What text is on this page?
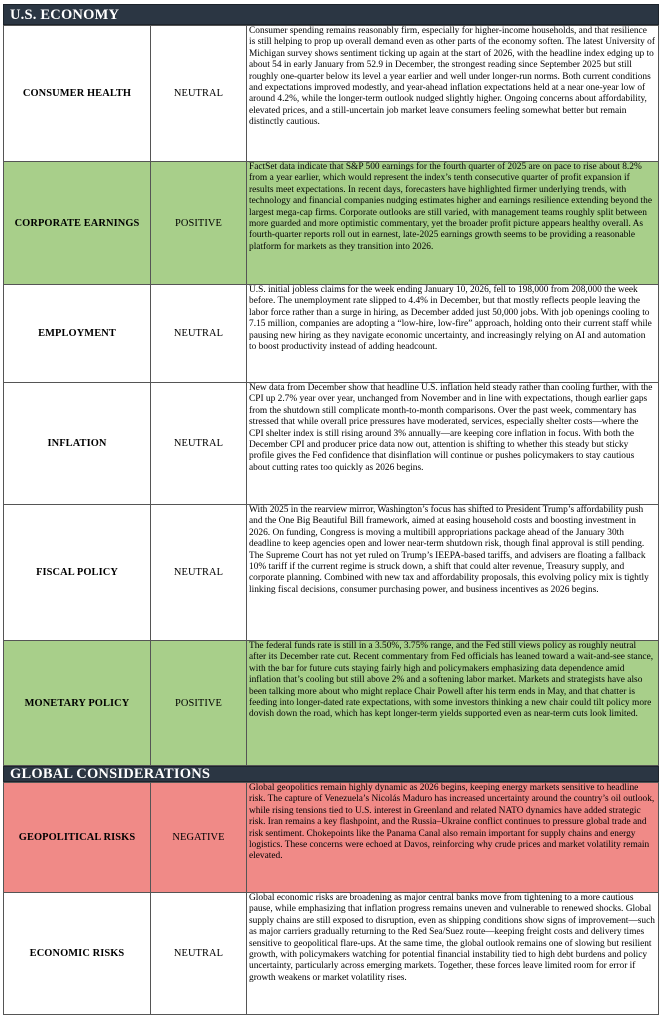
U.S. ECONOMY
CONSUMER HEALTH	NEUTRAL	Consumer spending remains reasonably firm, especially for higher-income households, and that resilience is still helping to prop up overall demand even as other parts of the economy soften. The latest University of Michigan survey shows sentiment ticking up again at the start of 2026, with the headline index edging up to about 54 in early January from 52.9 in December, the strongest reading since September 2025 but still roughly one-quarter below its level a year earlier and well under longer-run norms. Both current conditions and expectations improved modestly, and year-ahead inflation expectations held at a near one-year low of around 4.2%, while the longer-term outlook nudged slightly higher. Ongoing concerns about affordability, elevated prices, and a still-uncertain job market leave consumers feeling somewhat better but remain distinctly cautious.
CORPORATE EARNINGS	POSITIVE	FactSet data indicate that S&P 500 earnings for the fourth quarter of 2025 are on pace to rise about 8.2% from a year earlier, which would represent the index’s tenth consecutive quarter of profit expansion if results meet expectations. In recent days, forecasters have highlighted firmer underlying trends, with technology and financial companies nudging estimates higher and earnings resilience extending beyond the largest mega-cap firms. Corporate outlooks are still varied, with management teams roughly split between more guarded and more optimistic commentary, yet the broader profit picture appears healthy overall. As fourth-quarter reports roll out in earnest, late-2025 earnings growth seems to be providing a reasonable platform for markets as they transition into 2026.
EMPLOYMENT	NEUTRAL	U.S. initial jobless claims for the week ending January 10, 2026, fell to 198,000 from 208,000 the week before. The unemployment rate slipped to 4.4% in December, but that mostly reflects people leaving the labor force rather than a surge in hiring, as December added just 50,000 jobs. With job openings cooling to 7.15 million, companies are adopting a “low-hire, low-fire” approach, holding onto their current staff while pausing new hiring as they navigate economic uncertainty, and increasingly relying on AI and automation to boost productivity instead of adding headcount.
INFLATION	NEUTRAL	New data from December show that headline U.S. inflation held steady rather than cooling further, with the CPI up 2.7% year over year, unchanged from November and in line with expectations, though earlier gaps from the shutdown still complicate month-to-month comparisons. Over the past week, commentary has stressed that while overall price pressures have moderated, services, especially shelter costs—where the CPI shelter index is still rising around 3% annually—are keeping core inflation in focus. With both the December CPI and producer price data now out, attention is shifting to whether this steady but sticky profile gives the Fed confidence that disinflation will continue or pushes policymakers to stay cautious about cutting rates too quickly as 2026 begins.
FISCAL POLICY	NEUTRAL	With 2025 in the rearview mirror, Washington’s focus has shifted to President Trump’s affordability push and the One Big Beautiful Bill framework, aimed at easing household costs and boosting investment in 2026. On funding, Congress is moving a multibill appropriations package ahead of the January 30th deadline to keep agencies open and lower near-term shutdown risk, though final approval is still pending. The Supreme Court has not yet ruled on Trump’s IEEPA-based tariffs, and advisers are floating a fallback 10% tariff if the current regime is struck down, a shift that could alter revenue, Treasury supply, and corporate planning. Combined with new tax and affordability proposals, this evolving policy mix is tightly linking fiscal decisions, consumer purchasing power, and business incentives as 2026 begins.
MONETARY POLICY	POSITIVE	The federal funds rate is still in a 3.50%, 3.75% range, and the Fed still views policy as roughly neutral after its December rate cut. Recent commentary from Fed officials has leaned toward a wait-and-see stance, with the bar for future cuts staying fairly high and policymakers emphasizing data dependence amid inflation that’s cooling but still above 2% and a softening labor market. Markets and strategists have also been talking more about who might replace Chair Powell after his term ends in May, and that chatter is feeding into longer-dated rate expectations, with some investors thinking a new chair could tilt policy more dovish down the road, which has kept longer-term yields supported even as near-term cuts look limited.
GLOBAL CONSIDERATIONS
GEOPOLITICAL RISKS	NEGATIVE	Global geopolitics remain highly dynamic as 2026 begins, keeping energy markets sensitive to headline risk. The capture of Venezuela’s Nicolás Maduro has increased uncertainty around the country’s oil outlook, while rising tensions tied to U.S. interest in Greenland and related NATO dynamics have added strategic risk. Iran remains a key flashpoint, and the Russia–Ukraine conflict continues to pressure global trade and risk sentiment. Chokepoints like the Panama Canal also remain important for supply chains and energy logistics. These concerns were echoed at Davos, reinforcing why crude prices and market volatility remain elevated.
ECONOMIC RISKS	NEUTRAL	Global economic risks are broadening as major central banks move from tightening to a more cautious pause, while emphasizing that inflation progress remains uneven and vulnerable to renewed shocks. Global supply chains are still exposed to disruption, even as shipping conditions show signs of improvement—such as major carriers gradually returning to the Red Sea/Suez route—keeping freight costs and delivery times sensitive to geopolitical flare-ups. At the same time, the global outlook remains one of slowing but resilient growth, with policymakers watching for potential financial instability tied to high debt burdens and policy uncertainty, particularly across emerging markets. Together, these forces leave limited room for error if growth weakens or market volatility rises.
